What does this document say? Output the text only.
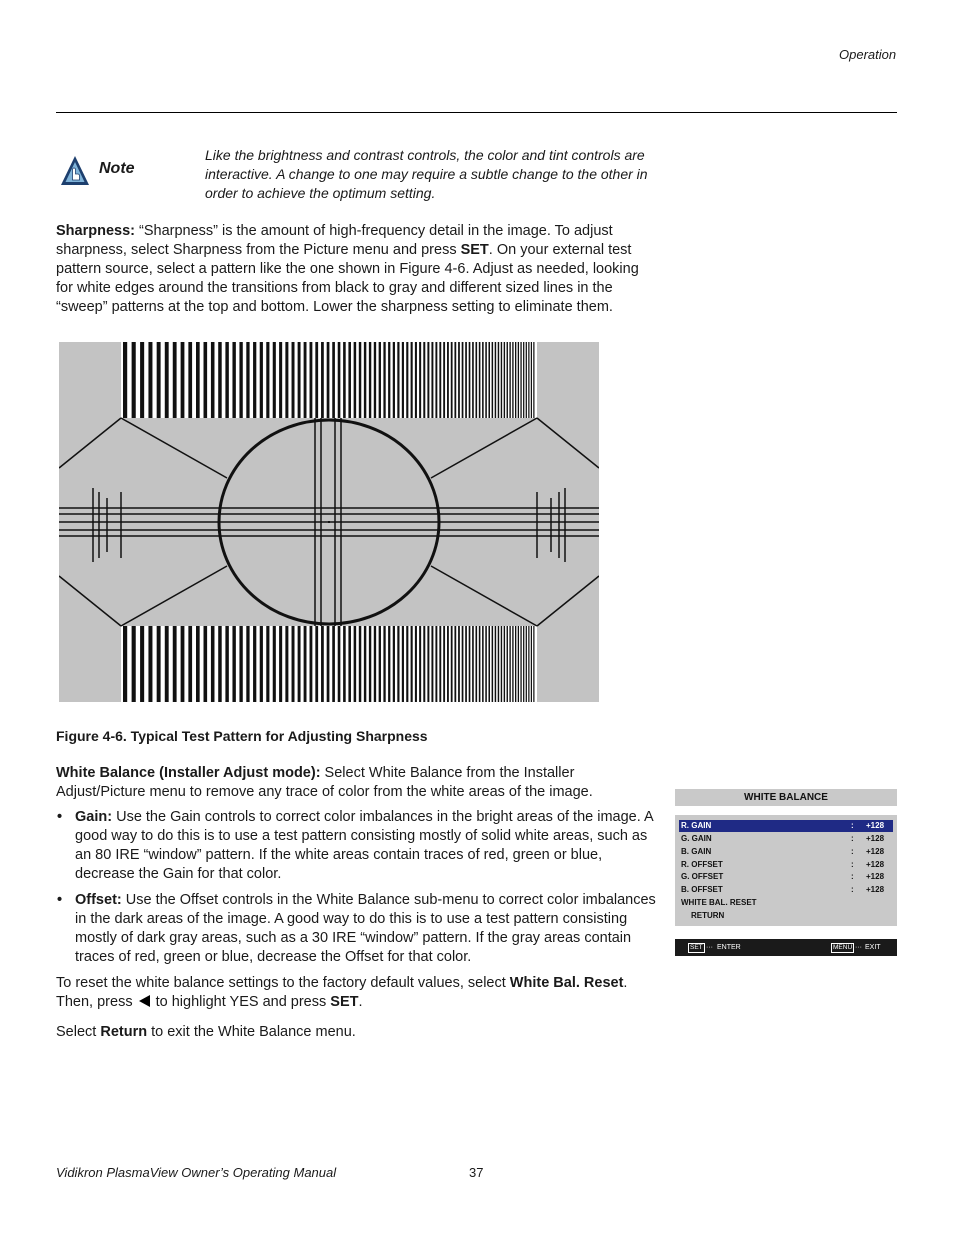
Operation
Note
Like the brightness and contrast controls, the color and tint controls are interactive. A change to one may require a subtle change to the other in order to achieve the optimum setting.
Sharpness: “Sharpness” is the amount of high-frequency detail in the image. To adjust sharpness, select Sharpness from the Picture menu and press SET. On your external test pattern source, select a pattern like the one shown in Figure 4-6. Adjust as needed, looking for white edges around the transitions from black to gray and different sized lines in the “sweep” patterns at the top and bottom. Lower the sharpness setting to eliminate them.
Figure 4-6. Typical Test Pattern for Adjusting Sharpness
White Balance (Installer Adjust mode): Select White Balance from the Installer Adjust/Picture menu to remove any trace of color from the white areas of the image.
• Gain: Use the Gain controls to correct color imbalances in the bright areas of the image. A good way to do this is to use a test pattern consisting mostly of solid white areas, such as an 80 IRE “window” pattern. If the white areas contain traces of red, green or blue, decrease the Gain for that color.
• Offset: Use the Offset controls in the White Balance sub-menu to correct color imbalances in the dark areas of the image. A good way to do this is to use a test pattern consisting mostly of dark gray areas, such as a 30 IRE “window” pattern. If the gray areas contain traces of red, green or blue, decrease the Offset for that color.
To reset the white balance settings to the factory default values, select White Bal. Reset. Then, press  to highlight YES and press SET.
Select Return to exit the White Balance menu.
WHITE BALANCE
R. GAIN	: +128
G. GAIN	: +128
B. GAIN	: +128
R. OFFSET	: +128
G. OFFSET	: +128
B. OFFSET	: +128
WHITE BAL. RESET
RETURN
SET ··· ENTER	MENU ··· EXIT
Vidikron PlasmaView Owner’s Operating Manual	37
